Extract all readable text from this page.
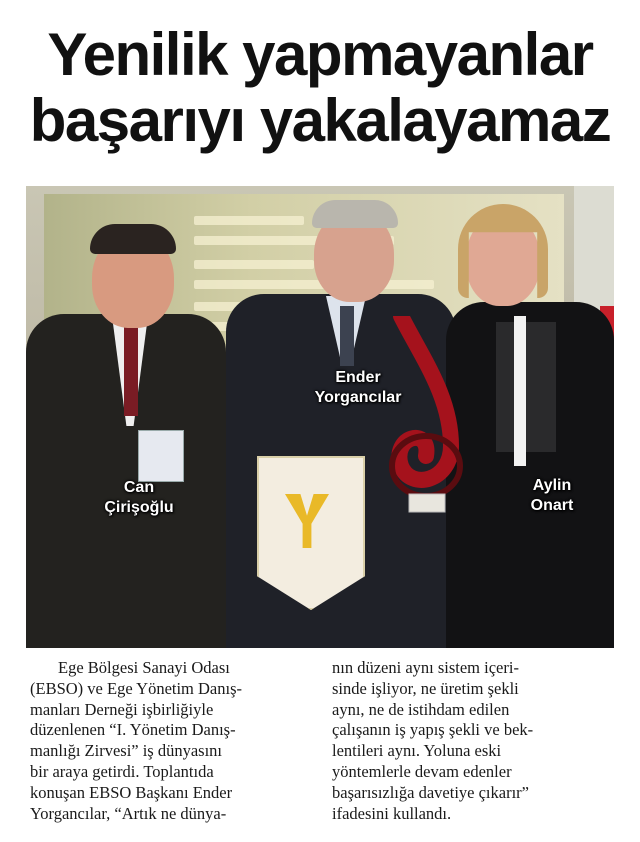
Yenilik yapmayanlar
başarıyı yakalayamaz
Ender
Yorgancılar
Can
Çirişoğlu
Aylin
Onart
Ege Bölgesi Sanayi Odası
(EBSO) ve Ege Yönetim Danış-
manları Derneği işbirliğiyle
düzenlenen “I. Yönetim Danış-
manlığı Zirvesi” iş dünyasını
bir araya getirdi. Toplantıda
konuşan EBSO Başkanı Ender
Yorgancılar, “Artık ne dünya-
nın düzeni aynı sistem içeri-
sinde işliyor, ne üretim şekli
aynı, ne de istihdam edilen
çalışanın iş yapış şekli ve bek-
lentileri aynı. Yoluna eski
yöntemlerle devam edenler
başarısızlığa davetiye çıkarır”
ifadesini kullandı.
